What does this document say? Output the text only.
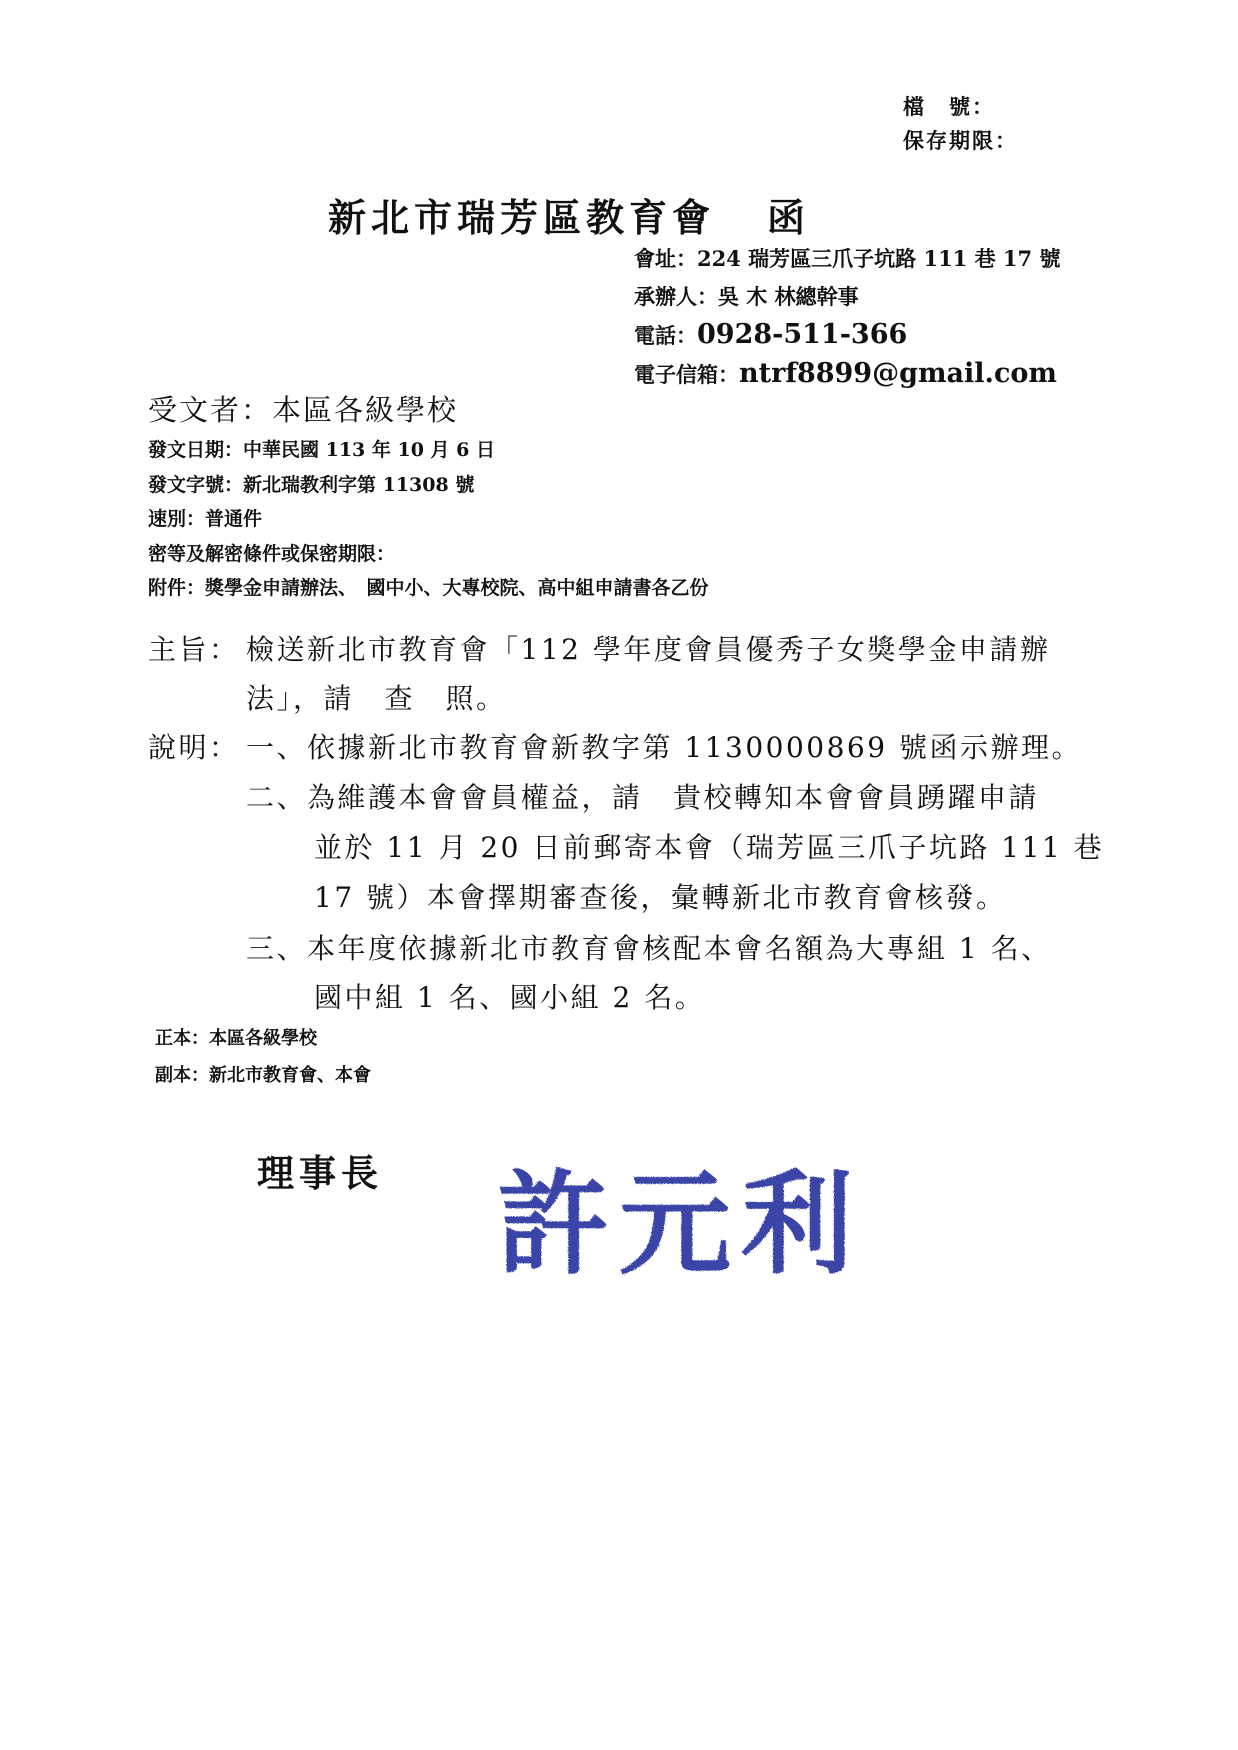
檔　號：
保存期限：
新北市瑞芳區教育會 函
會址：224 瑞芳區三爪子坑路 111 巷 17 號
承辦人：吳 木 林總幹事
電話：0928-511-366
電子信箱：ntrf8899@gmail.com
受文者：本區各級學校
發文日期：中華民國 113 年 10 月 6 日
發文字號：新北瑞教利字第 11308 號
速別：普通件
密等及解密條件或保密期限：
附件：獎學金申請辦法、　國中小、大專校院、高中組申請書各乙份
主旨： 檢送新北市教育會「112 學年度會員優秀子女獎學金申請辦
法」，請　查　照。
說明： 一、依據新北市教育會新教字第 1130000869 號函示辦理。
二、為維護本會會員權益，請　貴校轉知本會會員踴躍申請
並於 11 月 20 日前郵寄本會（瑞芳區三爪子坑路 111 巷
17 號）本會擇期審查後，彙轉新北市教育會核發。
三、本年度依據新北市教育會核配本會名額為大專組 1 名、
國中組 1 名、國小組 2 名。
正本：本區各級學校
副本：新北市教育會、本會
理事長 許元利
